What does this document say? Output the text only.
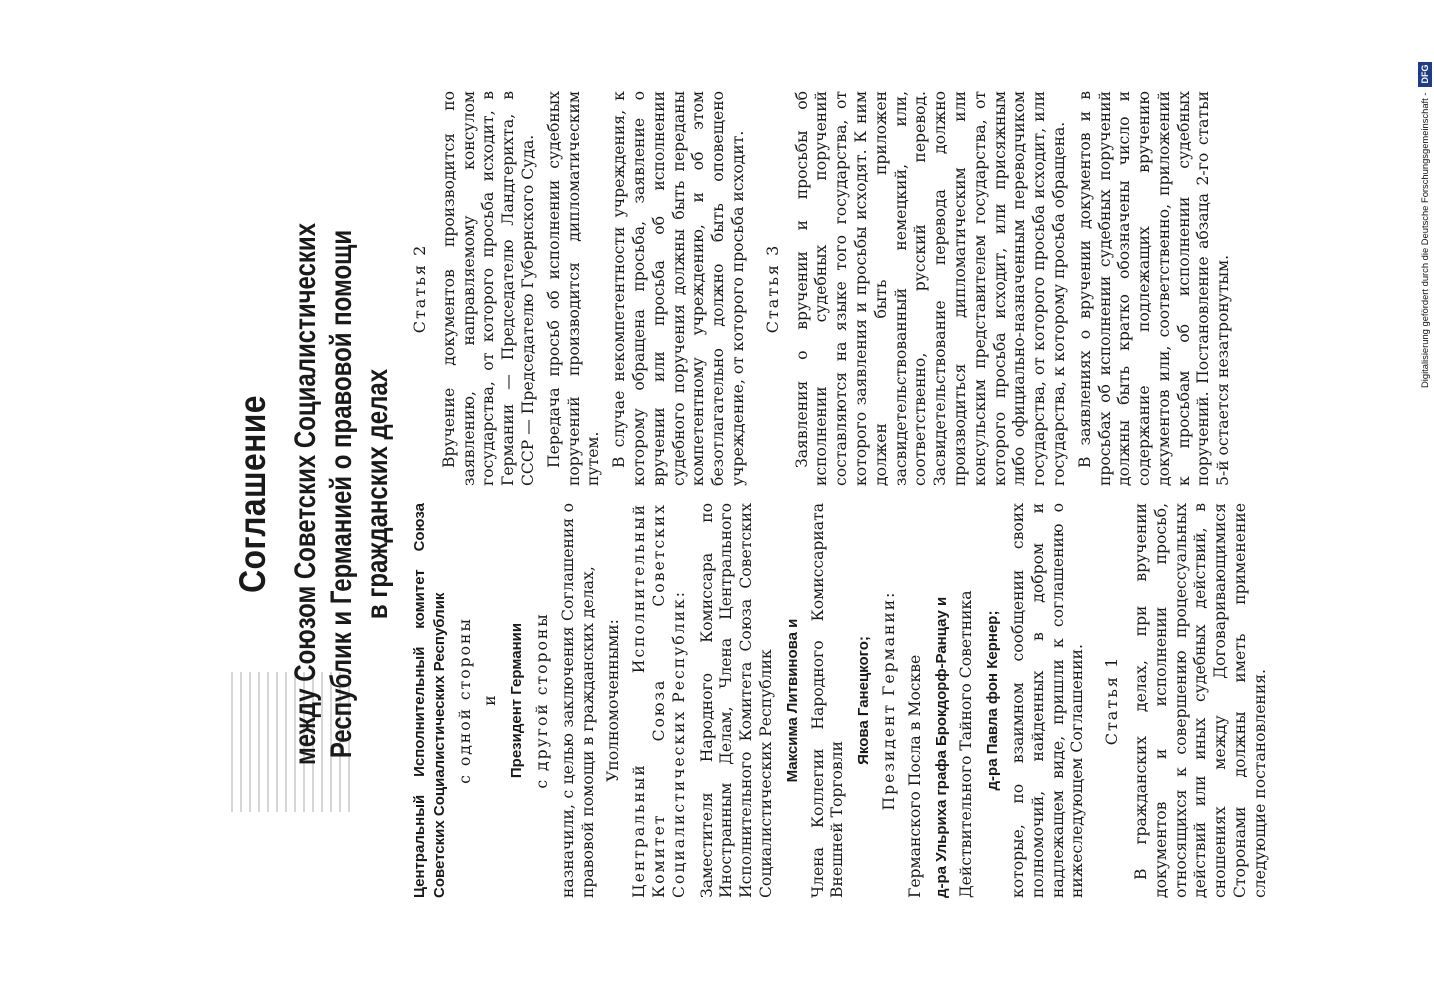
Соглашение между Союзом Советских Социалистических Республик и Германией о правовой помощи в гражданских делах

Центральный Исполнительный комитет Союза Советских Социалистических Республик с одной стороны и Президент Германии с другой стороны назначили, с целью заключения Соглашения о правовой помощи в гражданских делах, Уполномоченными: Центральный Исполнительный Комитет Союза Советских Социалистических Республик: Заместителя Народного Комиссара по Иностранным Делам, Члена Центрального Исполнительного Комитета Союза Советских Социалистических Республик Максима Литвинова и Члена Коллегии Народного Комиссариата Внешней Торговли

Якова Ганецкого; Президент Германии: Германского Посла в Москве д-ра Ульриха графа Брокдорф-Ранцау и Действительного Тайного Советника д-ра Павла фон Кернер; которые, по взаимном сообщении своих полномочий, найденных в добром и надлежащем виде, пришли к соглашению о нижеследующем Соглашении. Статья 1 В гражданских делах, при вручении документов и исполнении просьб, относящихся к совершению процессуальных действий или иных судебных действий, в сношениях между Договаривающимися Сторонами должны иметь применение следующие постановления.

Статья 2 Вручение документов производится по заявлению, направляемому консулом государства, от которого просьба исходит, в Германии — Председателю Ландгерихта, в СССР — Председателю Губернского Суда. Передача просьб об исполнении судебных поручений производится дипломатическим путем. В случае некомпетентности учреждения, к которому обращена просьба, заявление о вручении или просьба об исполнении судебного поручения должны быть переданы компетентному учреждению, и об этом безотлагательно должно быть оповещено учреждение, от которого просьба исходит. Статья 3 Заявления о вручении и просьбы об исполнении судебных поручений составляются на языке того государства, от которого заявления и просьбы исходят. К ним должен быть приложен засвидетельствованный немецкий, или, соответственно, русский перевод. Засвидетельствование перевода должно производиться дипломатическим или консульским представителем государства, от которого просьба исходит, или присяжным либо официально-назначенным переводчиком государства, от которого просьба исходит, или государства, к которому просьба обращена. В заявлениях о вручении документов и в просьбах об исполнении судебных поручений должны быть кратко обозначены число и содержание подлежащих вручению документов или, соответственно, приложений к просьбам об исполнении судебных поручений. Постановление абзаца 2-го статьи 5-й остается незатронутым.	Digitalisierung gefördert durch die Deutsche Forschungsgemeinschaft -DFG
